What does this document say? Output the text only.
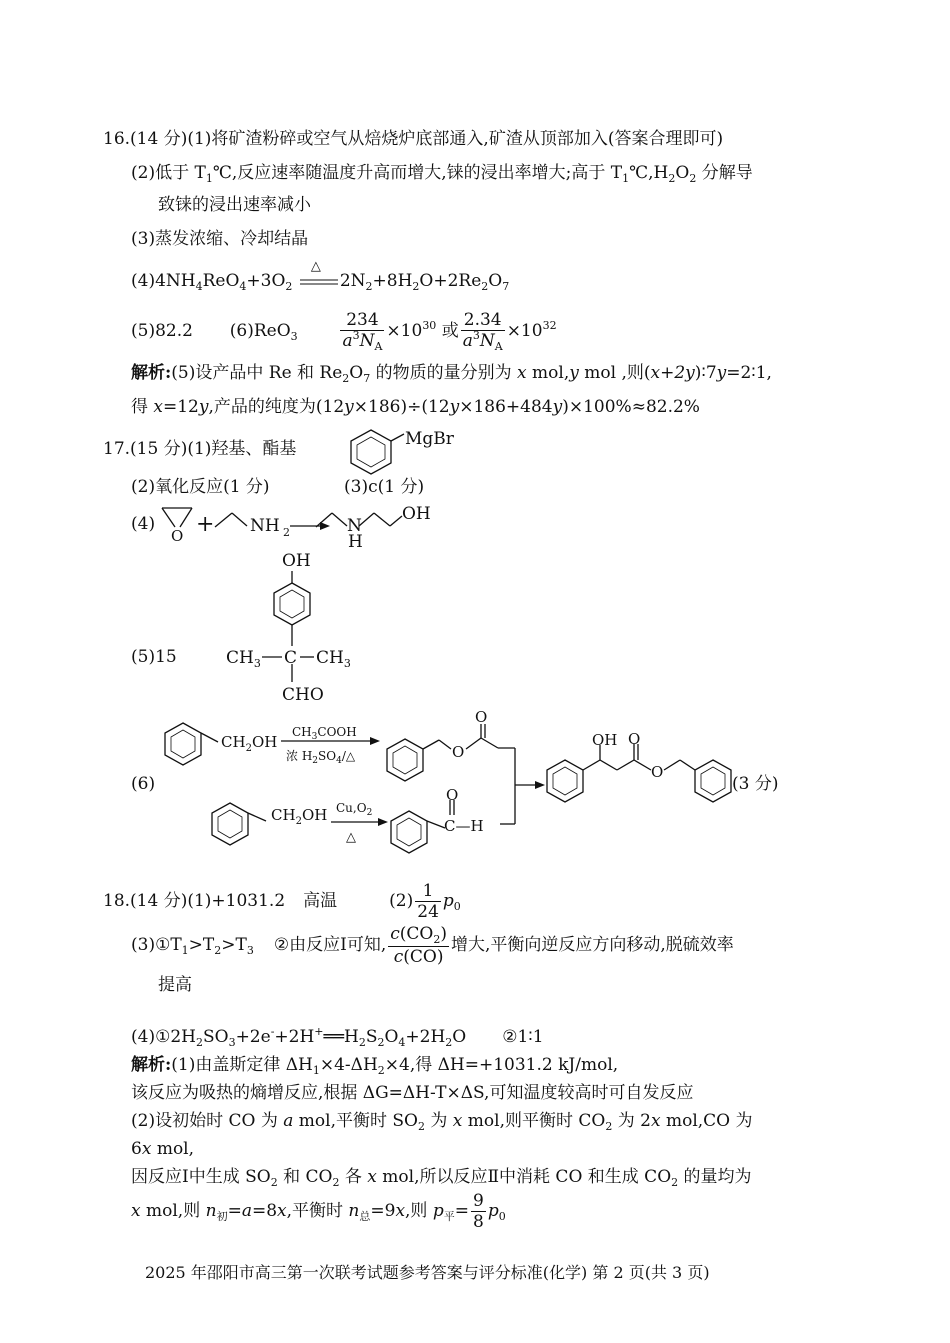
16.(14 分)(1)将矿渣粉碎或空气从焙烧炉底部通入,矿渣从顶部加入(答案合理即可)
(2)低于 $T_1℃$,反应速率随温度升高而增大,铼的浸出率增大;高于 $T_1℃,H_2O_2$ 分解导
致铼的浸出速率减小
(3)蒸发浓缩、冷却结晶
$(4)4NH_4ReO_4+3O_2$
△
$2N_2+8H_2O+2Re_2O_7$
(5)82.2 (6)ReO$_3$	$\frac{234}{a^3N_A} \times 10^{30}$ 或 $\frac{2.34}{a^3N_A} \times 10^{32}$
解析:(5)设产品中 Re 和 $Re_2O_7$ 的物质的量分别为 x mol,y mol ,则(x+2y)∶7y=2∶1,
得 x=12y,产品的纯度为(12y×186)÷(12y×186+484y)×100%≈82.2%
17.(15 分)(1)羟基、酯基	MgBr
O + NH 2	N
H
OH
OH
$CH_3$ C $CH_3$
CHO
$CH_2OH$
$CH_3COOH$
浓 $H_2SO_4/\triangle$
O
O
$CH_2OH$ $Cu,O_2$
△
O
C—H
OH O
O
(2)氧化反应(1 分)	(3)c(1 分)
(4)
(5)15
(6)	(3 分)
18.(14 分)(1)+1031.2 高温	$(2) \frac{1}{24} p_0$
$(3)①T_1>T_2>T_3$ ②由反应Ⅰ可知, $\frac{c(CO_2)}{c(CO)}$ 增大,平衡向逆反应方向移动,脱硫效率
提高
$(4)①2H_2SO_3+2e^-+2H^+══H_2S_2O_4+2H_2O$ ②1∶1
解析:(1)由盖斯定律 $\Delta H_1\times 4-\Delta H_2\times 4$,得 ΔH=+1031.2 kJ/mol,
该反应为吸热的熵增反应,根据 ΔG=ΔH-T×ΔS,可知温度较高时可自发反应
(2)设初始时 CO 为 a mol,平衡时 $SO_2$ 为 x mol,则平衡时 $CO_2$ 为 2x mol,CO 为
6x mol,
因反应Ⅰ中生成 $SO_2$ 和 $CO_2$ 各 x mol,所以反应Ⅱ中消耗 CO 和生成 $CO_2$ 的量均为
x mol,则 $n_初=a=8x$,平衡时 $n_总=9x$,则 $p_平= \frac{9}{8} p_0$
2025 年邵阳市高三第一次联考试题参考答案与评分标准(化学) 第 2 页(共 3 页)
